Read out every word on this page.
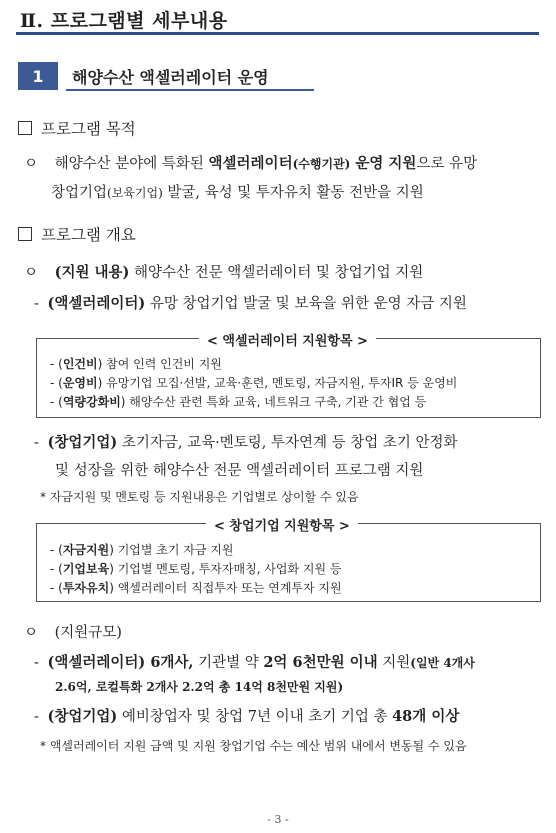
Ⅱ. 프로그램별 세부내용
1 해양수산 액셀러레이터 운영
프로그램 목적
ㅇ 해양수산 분야에 특화된 액셀러레이터(수행기관) 운영 지원으로 유망
창업기업(보육기업) 발굴, 육성 및 투자유치 활동 전반을 지원
프로그램 개요
ㅇ (지원 내용) 해양수산 전문 액셀러레이터 및 창업기업 지원
- (액셀러레이터) 유망 창업기업 발굴 및 보육을 위한 운영 자금 지원
< 액셀러레이터 지원항목 >
- (인건비) 참여 인력 인건비 지원
- (운영비) 유망기업 모집·선발, 교육·훈련, 멘토링, 자금지원, 투자IR 등 운영비
- (역량강화비) 해양수산 관련 특화 교육, 네트워크 구축, 기관 간 협업 등
- (창업기업) 초기자금, 교육·멘토링, 투자연계 등 창업 초기 안정화
및 성장을 위한 해양수산 전문 액셀러레이터 프로그램 지원
* 자금지원 및 멘토링 등 지원내용은 기업별로 상이할 수 있음
< 창업기업 지원항목 >
- (자금지원) 기업별 초기 자금 지원
- (기업보육) 기업별 멘토링, 투자자매칭, 사업화 지원 등
- (투자유치) 액셀러레이터 직접투자 또는 연계투자 지원
ㅇ (지원규모)
- (액셀러레이터) 6개사, 기관별 약 2억 6천만원 이내 지원(일반 4개사
2.6억, 로컬특화 2개사 2.2억 총 14억 8천만원 지원)
- (창업기업) 예비창업자 및 창업 7년 이내 초기 기업 총 48개 이상
* 액셀러레이터 지원 금액 및 지원 창업기업 수는 예산 범위 내에서 변동될 수 있음
- 3 -
